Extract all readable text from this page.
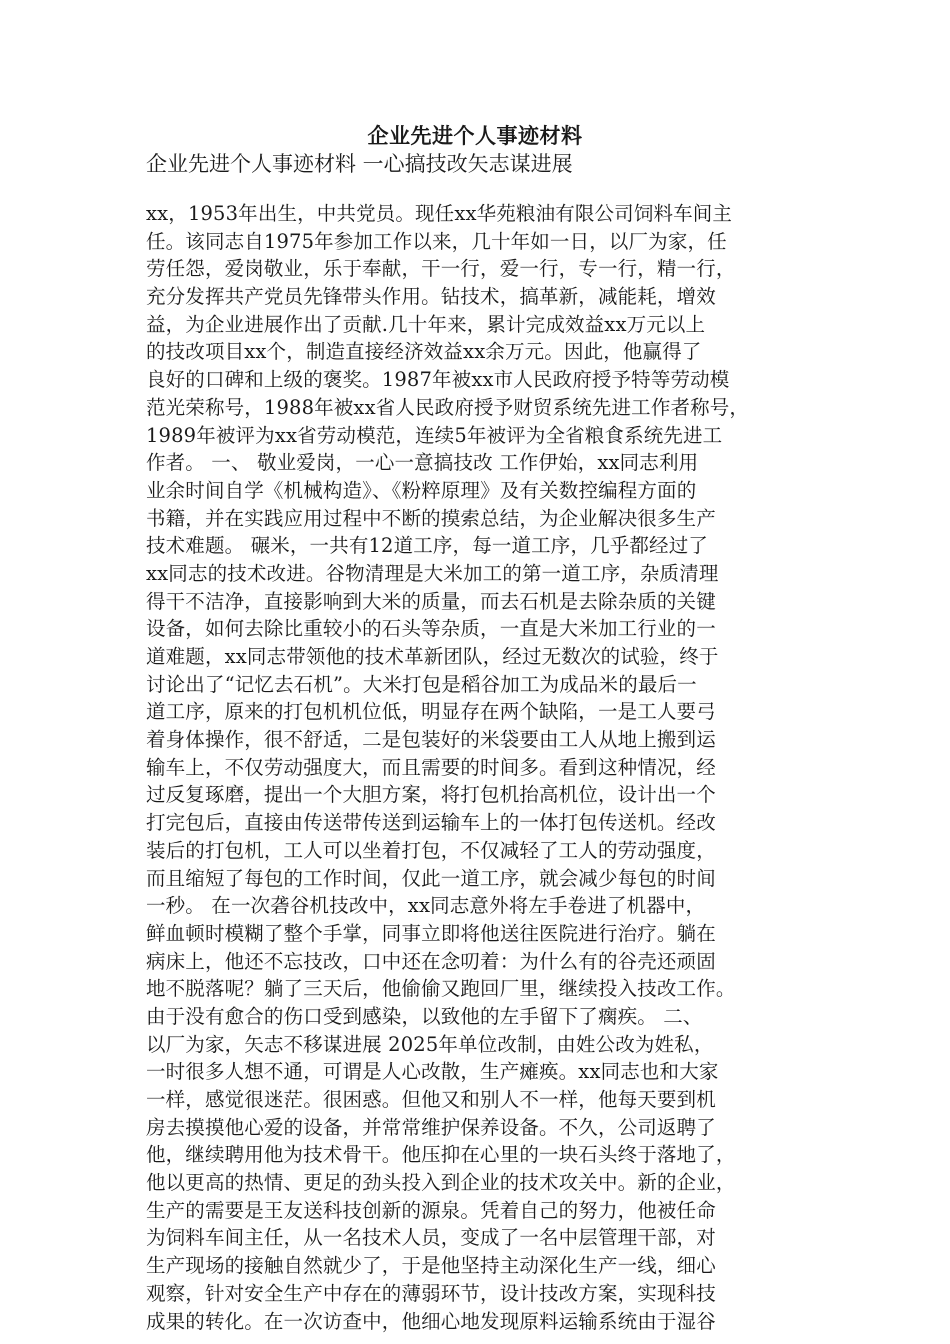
企业先进个人事迹材料
企业先进个人事迹材料 一心搞技改矢志谋进展
xx，1953年出生，中共党员。现任xx华苑粮油有限公司饲料车间主
任。该同志自1975年参加工作以来，几十年如一日，以厂为家，任
劳任怨，爱岗敬业，乐于奉献，干一行，爱一行，专一行，精一行，
充分发挥共产党员先锋带头作用。钻技术，搞革新，减能耗，增效
益，为企业进展作出了贡献.几十年来，累计完成效益xx万元以上
的技改项目xx个，制造直接经济效益xx余万元。因此，他赢得了
良好的口碑和上级的褒奖。1987年被xx市人民政府授予特等劳动模
范光荣称号，1988年被xx省人民政府授予财贸系统先进工作者称号，
1989年被评为xx省劳动模范，连续5年被评为全省粮食系统先进工
作者。 一、 敬业爱岗，一心一意搞技改 工作伊始，xx同志利用
业余时间自学《机械构造》、《粉粹原理》及有关数控编程方面的
书籍，并在实践应用过程中不断的摸索总结，为企业解决很多生产
技术难题。 碾米，一共有12道工序，每一道工序，几乎都经过了
xx同志的技术改进。谷物清理是大米加工的第一道工序，杂质清理
得干不洁净，直接影响到大米的质量，而去石机是去除杂质的关键
设备，如何去除比重较小的石头等杂质，一直是大米加工行业的一
道难题，xx同志带领他的技术革新团队，经过无数次的试验，终于
讨论出了“记忆去石机”。大米打包是稻谷加工为成品米的最后一
道工序，原来的打包机机位低，明显存在两个缺陷，一是工人要弓
着身体操作，很不舒适，二是包装好的米袋要由工人从地上搬到运
输车上，不仅劳动强度大，而且需要的时间多。看到这种情况，经
过反复琢磨，提出一个大胆方案，将打包机抬高机位，设计出一个
打完包后，直接由传送带传送到运输车上的一体打包传送机。经改
装后的打包机，工人可以坐着打包，不仅减轻了工人的劳动强度，
而且缩短了每包的工作时间，仅此一道工序，就会减少每包的时间
一秒。 在一次砻谷机技改中，xx同志意外将左手卷进了机器中，
鲜血顿时模糊了整个手掌，同事立即将他送往医院进行治疗。躺在
病床上，他还不忘技改，口中还在念叨着：为什么有的谷壳还顽固
地不脱落呢？躺了三天后，他偷偷又跑回厂里，继续投入技改工作。
由于没有愈合的伤口受到感染，以致他的左手留下了瘸疾。 二、
以厂为家，矢志不移谋进展 2025年单位改制，由姓公改为姓私，
一时很多人想不通，可谓是人心改散，生产瘫痪。xx同志也和大家
一样，感觉很迷茫。很困惑。但他又和别人不一样，他每天要到机
房去摸摸他心爱的设备，并常常维护保养设备。不久，公司返聘了
他，继续聘用他为技术骨干。他压抑在心里的一块石头终于落地了，
他以更高的热情、更足的劲头投入到企业的技术攻关中。新的企业，
生产的需要是王友送科技创新的源泉。凭着自己的努力，他被任命
为饲料车间主任，从一名技术人员，变成了一名中层管理干部，对
生产现场的接触自然就少了，于是他坚持主动深化生产一线，细心
观察，针对安全生产中存在的薄弱环节，设计技改方案，实现科技
成果的转化。在一次访查中，他细心地发现原料运输系统由于湿谷
